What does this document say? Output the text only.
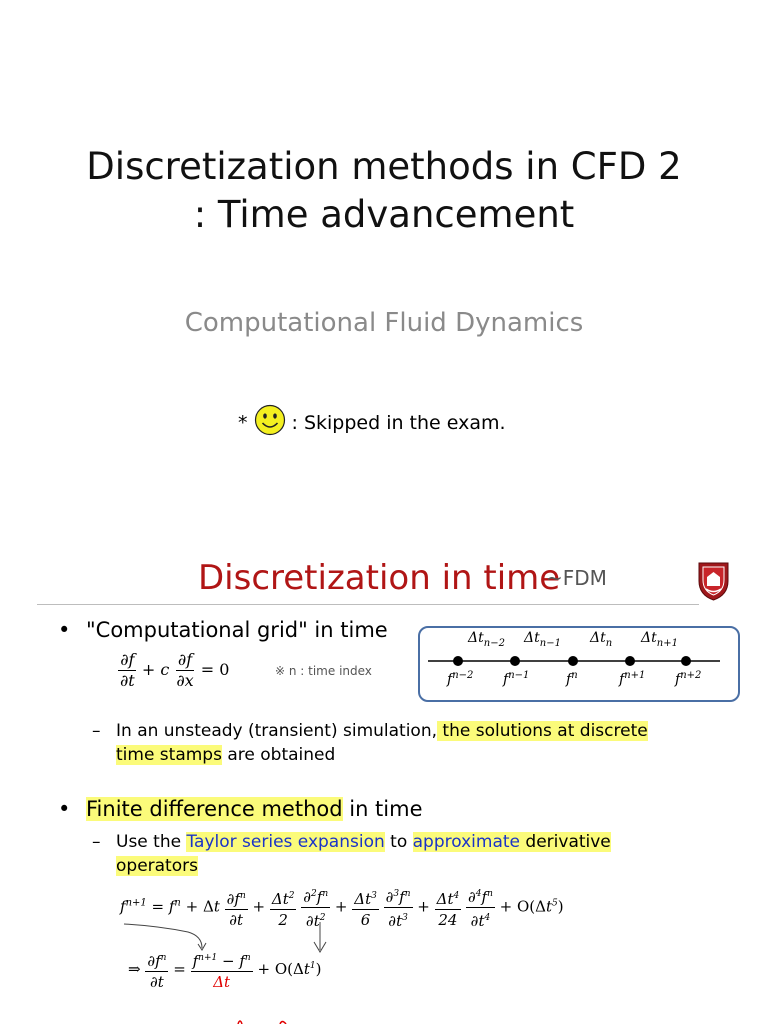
Discretization methods in CFD 2
: Time advancement
Computational Fluid Dynamics
* : Skipped in the exam.
Discretization in time
~FDM
• "Computational grid" in time
$\frac{\partial f}{\partial t} + c \frac{\partial f}{\partial x} = 0$	※ n : time index
$\Delta t_{n-2}$ $\Delta t_{n-1}$ $\Delta t_n$ $\Delta t_{n+1}$
$f^{n-2}$ $f^{n-1}$	$f^n$	$f^{n+1}$ $f^{n+2}$
– In an unsteady (transient) simulation, the solutions at discrete
time stamps are obtained
• Finite difference method in time
– Use the Taylor series expansion to approximate derivative
operators
$f^{n+1} = f^n + \Delta t \frac{\partial f^n}{\partial t} + \frac{\Delta t^2}{2}$
$\frac{\partial^2f^n}{\partial t^2} + \frac{\Delta t^3}{6}$
$\frac{\partial^3f^n}{\partial t^3} + \frac{\Delta t^4}{24}$
$\frac{\partial^4f^n}{\partial t^4} + O(\Delta t^5)$
⇒ $\frac{\partial f^n}{\partial t} = \frac{f^{n+1} - f^n}{\Delta t} + O(\Delta t^1)$
